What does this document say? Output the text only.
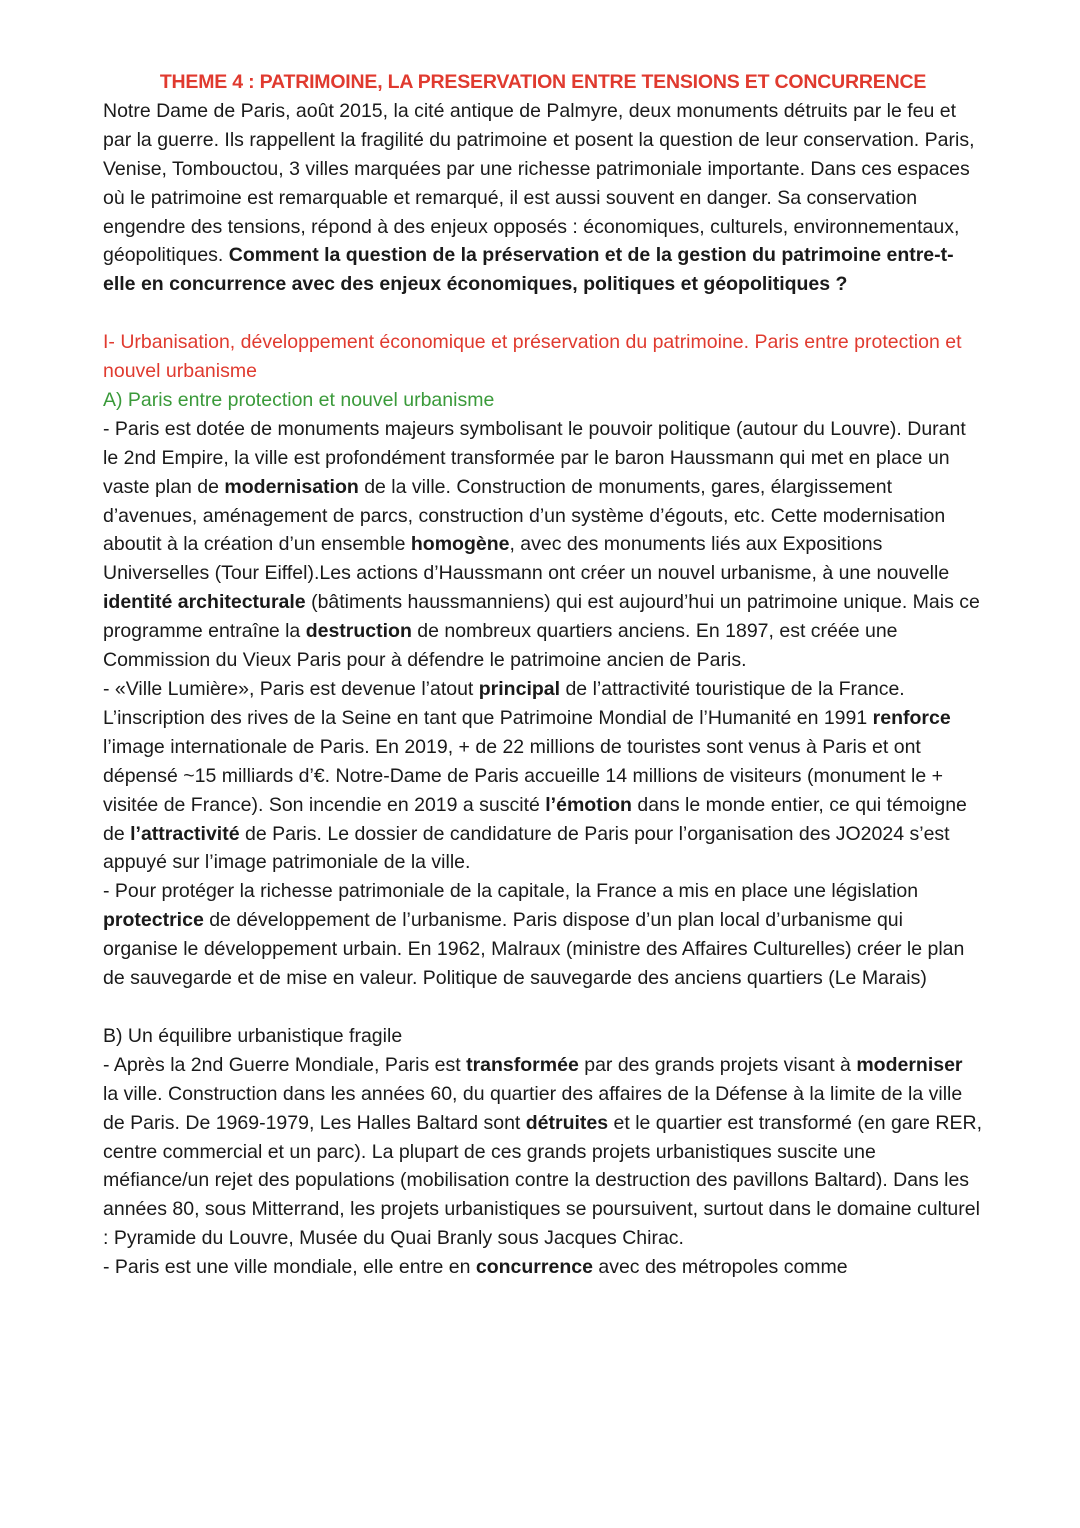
THEME 4 : PATRIMOINE, LA PRESERVATION ENTRE TENSIONS ET CONCURRENCE

Notre Dame de Paris, août 2015, la cité antique de Palmyre, deux monuments détruits par le feu et par la guerre. Ils rappellent la fragilité du patrimoine et posent la question de leur conservation. Paris, Venise, Tombouctou, 3 villes marquées par une richesse patrimoniale importante. Dans ces espaces où le patrimoine est remarquable et remarqué, il est aussi souvent en danger. Sa conservation engendre des tensions, répond à des enjeux opposés : économiques, culturels, environnementaux, géopolitiques. Comment la question de la préservation et de la gestion du patrimoine entre-t-elle en concurrence avec des enjeux économiques, politiques et géopolitiques ?

I- Urbanisation, développement économique et préservation du patrimoine. Paris entre protection et nouvel urbanisme

A) Paris entre protection et nouvel urbanisme

- Paris est dotée de monuments majeurs symbolisant le pouvoir politique (autour du Louvre). Durant le 2nd Empire, la ville est profondément transformée par le baron Haussmann qui met en place un vaste plan de modernisation de la ville. Construction de monuments, gares, élargissement d’avenues, aménagement de parcs, construction d’un système d’égouts, etc. Cette modernisation aboutit à la création d’un ensemble homogène, avec des monuments liés aux Expositions Universelles (Tour Eiffel).Les actions d’Haussmann ont créer un nouvel urbanisme, à une nouvelle identité architecturale (bâtiments haussmanniens) qui est aujourd’hui un patrimoine unique. Mais ce programme entraîne la destruction de nombreux quartiers anciens. En 1897, est créée une Commission du Vieux Paris pour à défendre le patrimoine ancien de Paris.

- «Ville Lumière», Paris est devenue l’atout principal de l’attractivité touristique de la France. L’inscription des rives de la Seine en tant que Patrimoine Mondial de l’Humanité en 1991 renforce l’image internationale de Paris. En 2019, + de 22 millions de touristes sont venus à Paris et ont dépensé ~15 milliards d’€. Notre-Dame de Paris accueille 14 millions de visiteurs (monument le + visitée de France). Son incendie en 2019 a suscité l’émotion dans le monde entier, ce qui témoigne de l’attractivité de Paris. Le dossier de candidature de Paris pour l’organisation des JO2024 s’est appuyé sur l’image patrimoniale de la ville.

- Pour protéger la richesse patrimoniale de la capitale, la France a mis en place une législation protectrice de développement de l’urbanisme. Paris dispose d’un plan local d’urbanisme qui organise le développement urbain. En 1962, Malraux (ministre des Affaires Culturelles) créer le plan de sauvegarde et de mise en valeur. Politique de sauvegarde des anciens quartiers (Le Marais)

B) Un équilibre urbanistique fragile

- Après la 2nd Guerre Mondiale, Paris est transformée par des grands projets visant à moderniser la ville. Construction dans les années 60, du quartier des affaires de la Défense à la limite de la ville de Paris. De 1969-1979, Les Halles Baltard sont détruites et le quartier est transformé (en gare RER, centre commercial et un parc). La plupart de ces grands projets urbanistiques suscite une méfiance/un rejet des populations (mobilisation contre la destruction des pavillons Baltard). Dans les années 80, sous Mitterrand, les projets urbanistiques se poursuivent, surtout dans le domaine culturel : Pyramide du Louvre, Musée du Quai Branly sous Jacques Chirac.

- Paris est une ville mondiale, elle entre en concurrence avec des métropoles comme
